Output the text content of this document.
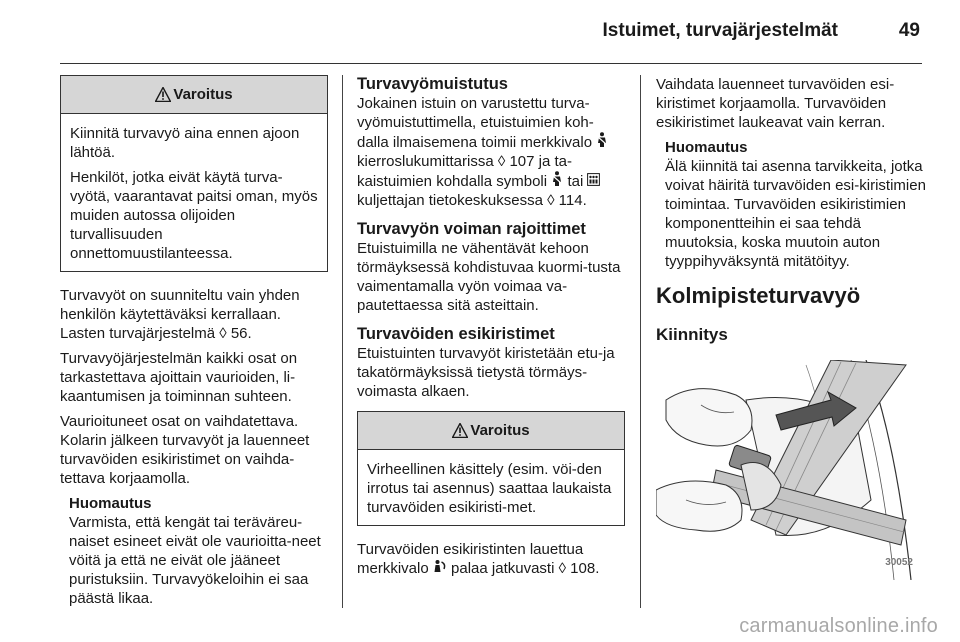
Istuimet, turvajärjestelmät	49
Varoitus

Kiinnitä turvavyö aina ennen ajoon lähtöä.

Henkilöt, jotka eivät käytä turva-vyötä, vaarantavat paitsi oman, myös muiden autossa olijoiden turvallisuuden onnettomuustilanteessa.

Turvavyöt on suunniteltu vain yhden henkilön käytettäväksi kerrallaan. Lasten turvajärjestelmä ◊ 56.

Turvavyöjärjestelmän kaikki osat on tarkastettava ajoittain vaurioiden, li-kaantumisen ja toiminnan suhteen.

Vaurioituneet osat on vaihdatettava. Kolarin jälkeen turvavyöt ja lauenneet turvavöiden esikiristimet on vaihda-tettava korjaamolla.

Huomautus
Varmista, että kengät tai teräväreu-naiset esineet eivät ole vaurioitta-neet vöitä ja että ne eivät ole jääneet puristuksiin. Turvavyökeloihin ei saa päästä likaa.
Turvavyömuistutus

Jokainen istuin on varustettu turva-vyömuistuttimella, etuistuimien koh-dalla ilmaisemena toimii merkkivalo  kierroslukumittarissa ◊ 107 ja ta-kaistuimien kohdalla symboli tai
kuljettajan tietokeskuksessa ◊ 114.

Turvavyön voiman rajoittimet

Etuistuimilla ne vähentävät kehoon törmäyksessä kohdistuvaa kuormi-tusta vaimentamalla vyön voimaa va-pautettaessa sitä asteittain.

Turvavöiden esikiristimet

Etuistuinten turvavyöt kiristetään etu-ja takatörmäyksissä tietystä törmäys-voimasta alkaen.

Varoitus

Virheellinen käsittely (esim. vöi-den irrotus tai asennus) saattaa laukaista turvavöiden esikiristi-met.

Turvavöiden esikiristinten lauettua merkkivalo palaa jatkuvasti ◊ 108.

Vaihdata lauenneet turvavöiden esi-kiristimet korjaamolla. Turvavöiden esikiristimet laukeavat vain kerran.

Huomautus
Älä kiinnitä tai asenna tarvikkeita, jotka voivat häiritä turvavöiden esi-kiristimien toimintaa. Turvavöiden esikiristimien komponentteihin ei saa tehdä muutoksia, koska muutoin auton tyyppihyväksyntä mitätöityy.
Kolmipisteturvavyö
Kiinnitys
30052
carmanualsonline.info
